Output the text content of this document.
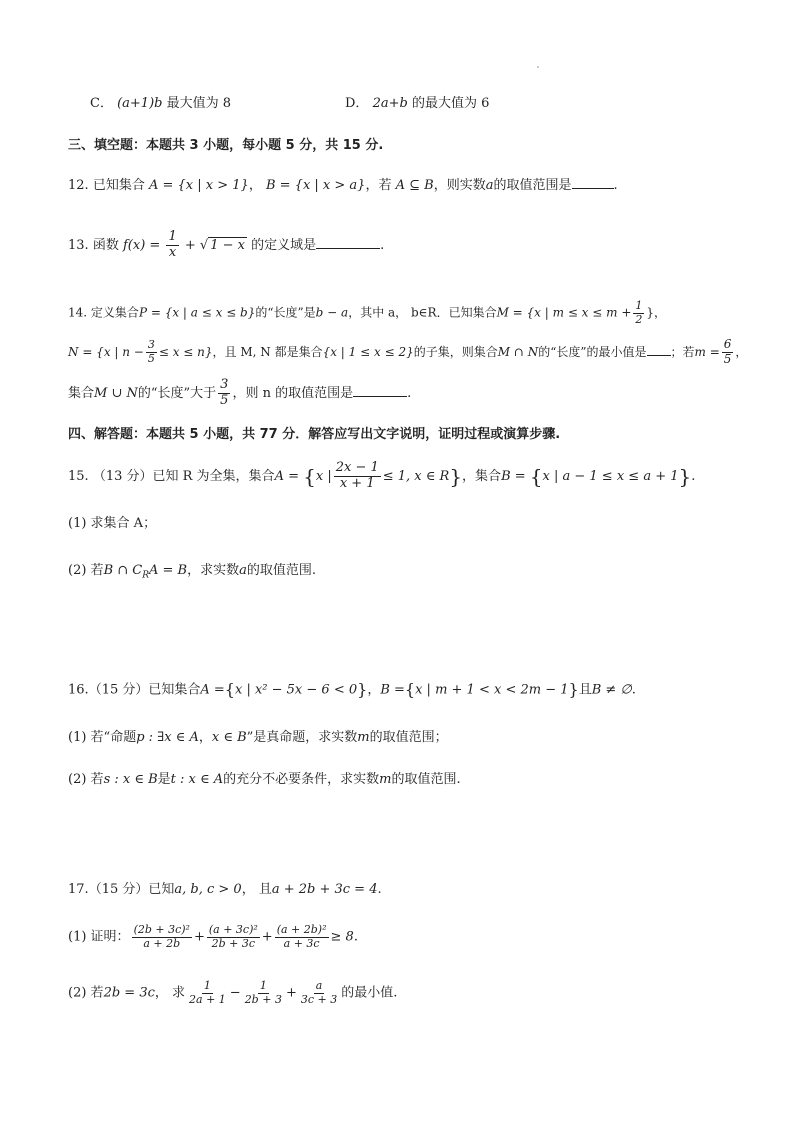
C． (a+1)b 最大值为 8	D． 2a+b 的最大值为 6
三、填空题：本题共 3 小题，每小题 5 分，共 15 分.
12. 已知集合 A = {x | x > 1}， B = {x | x > a}，若 A ⊆ B，则实数a的取值范围是	.
13. 函数 $f(x) = \frac{1}{x}$ + √ 1 − x 的定义域是	.
14. 定义集合P = {x | a ≤ x ≤ b}的“长度”是b − a，其中 a， b∈R．已知集合M = {x | $m \le x \le m + \frac{1}{2}$ }，
N = {x | $n - \frac{3}{5} \le x \le n$}，且 M, N 都是集合{x | 1 ≤ x ≤ 2}的子集，则集合M ∩ N的“长度”的最小值是 ；若$m = \frac{6}{5}$ ，
集合M ∪ N的“长度”大于 $\frac{3}{5}$ ，则 n 的取值范围是	.
四、解答题：本题共 5 小题，共 77 分．解答应写出文字说明，证明过程或演算步骤.
15. （13 分）已知 R 为全集，集合A = {x | $\frac{2x - 1}{x + 1} \le 1$, x ∈ R}，集合B = {x | a − 1 ≤ x ≤ a + 1}.
(1) 求集合 A；
(2) 若B ∩ $C_RA = B$，求实数a的取值范围.
16.（15 分）已知集合A ={x | x² − 5x − 6 < 0}，B ={x | m + 1 < x < 2m − 1}且B ≠ ∅.
(1) 若“命题p : ∃x ∈ A，x ∈ B”是真命题，求实数m的取值范围；
(2) 若s : x ∈ B是t : x ∈ A的充分不必要条件，求实数m的取值范围.
17.（15 分）已知a, b, c > 0， 且a + 2b + 3c = 4.
(1) 证明： $\frac{\text{(2b + 3c)²}}{a + 2b} + \frac{\text{(a + 3c)²}}{2b + 3c} + \frac{\text{(a + 2b)²}}{a + 3c} \ge 8$.
(2) 若2b = 3c， 求 $\frac{1}{2a + 1} - \frac{1}{2b + 3} + \frac{a}{3c + 3}$ 的最小值.
